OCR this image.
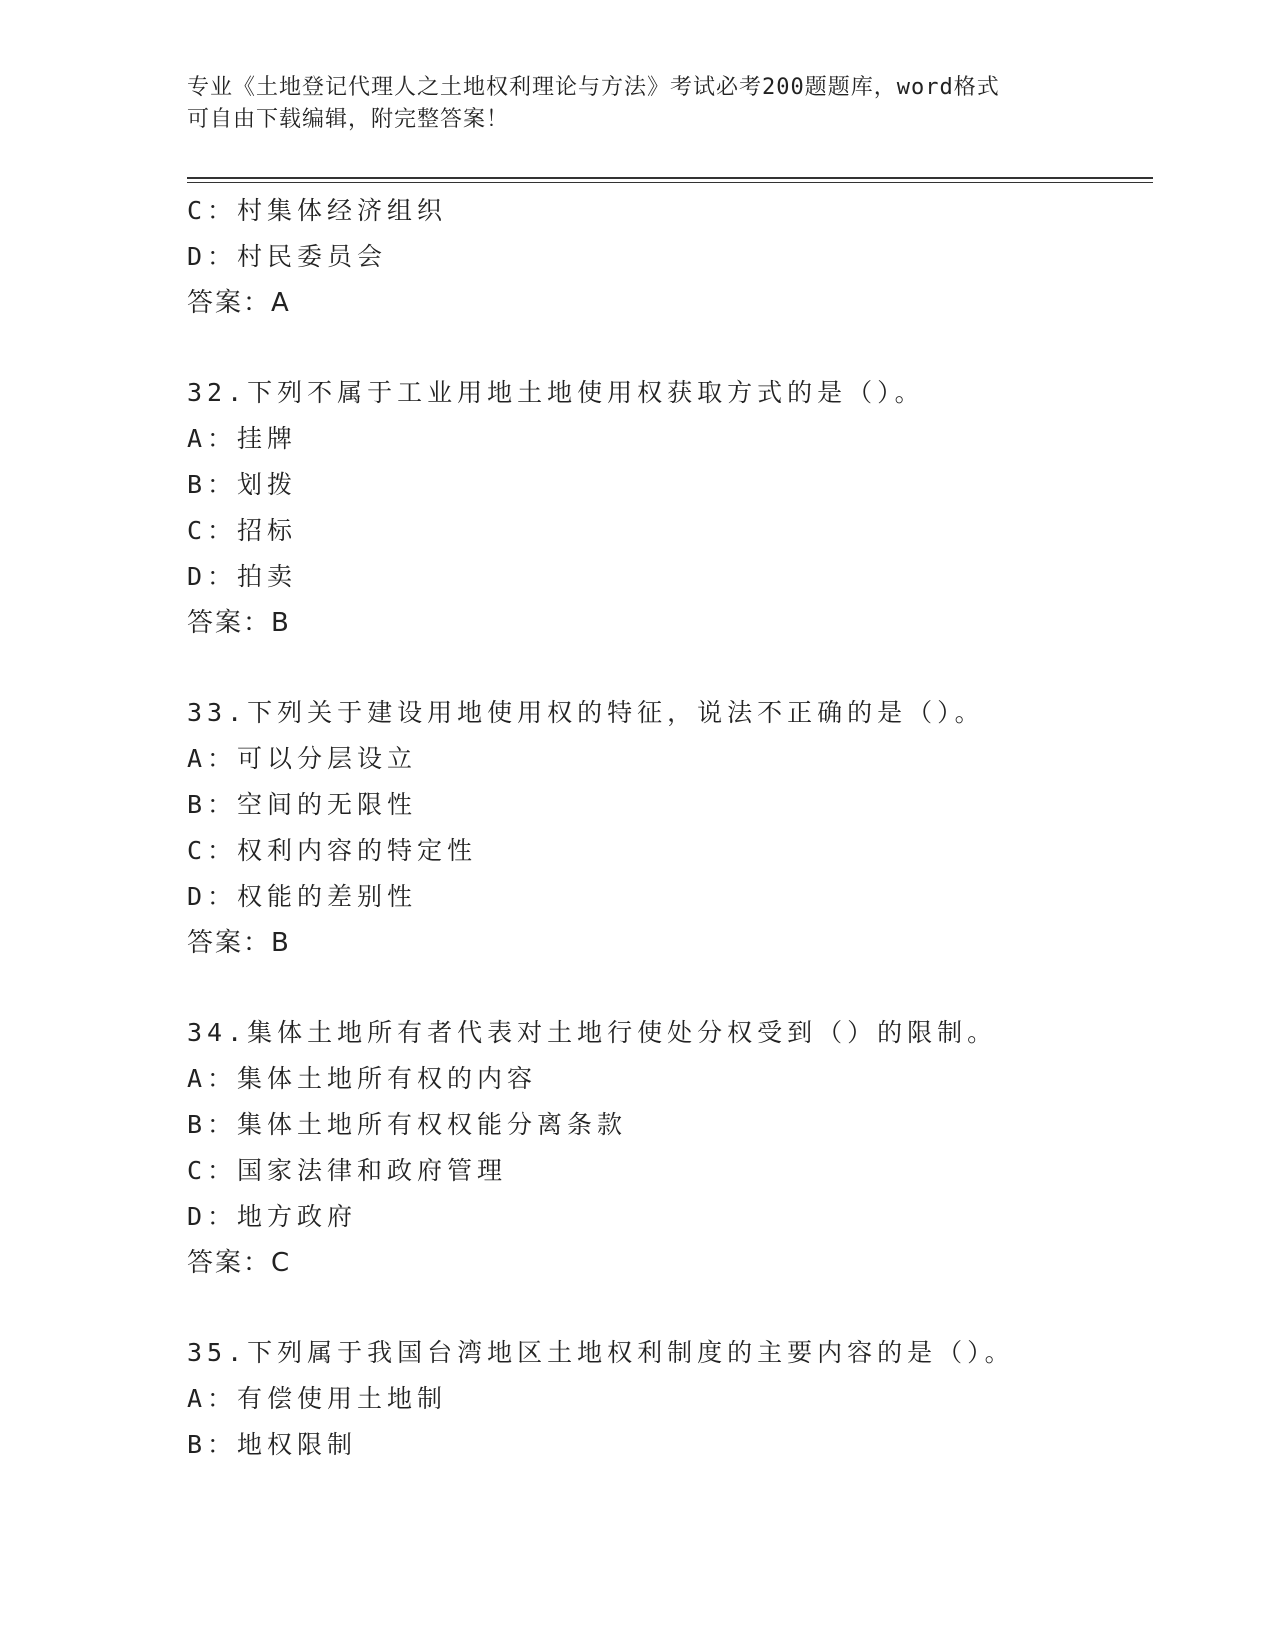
专业《土地登记代理人之土地权利理论与方法》考试必考200题题库，word格式
可自由下载编辑，附完整答案！
C：村集体经济组织
D：村民委员会
答案：A
32.下列不属于工业用地土地使用权获取方式的是（）。
A：挂牌
B：划拨
C：招标
D：拍卖
答案：B
33.下列关于建设用地使用权的特征，说法不正确的是（）。
A：可以分层设立
B：空间的无限性
C：权利内容的特定性
D：权能的差别性
答案：B
34.集体土地所有者代表对土地行使处分权受到（）的限制。
A：集体土地所有权的内容
B：集体土地所有权权能分离条款
C：国家法律和政府管理
D：地方政府
答案：C
35.下列属于我国台湾地区土地权利制度的主要内容的是（）。
A：有偿使用土地制
B：地权限制
